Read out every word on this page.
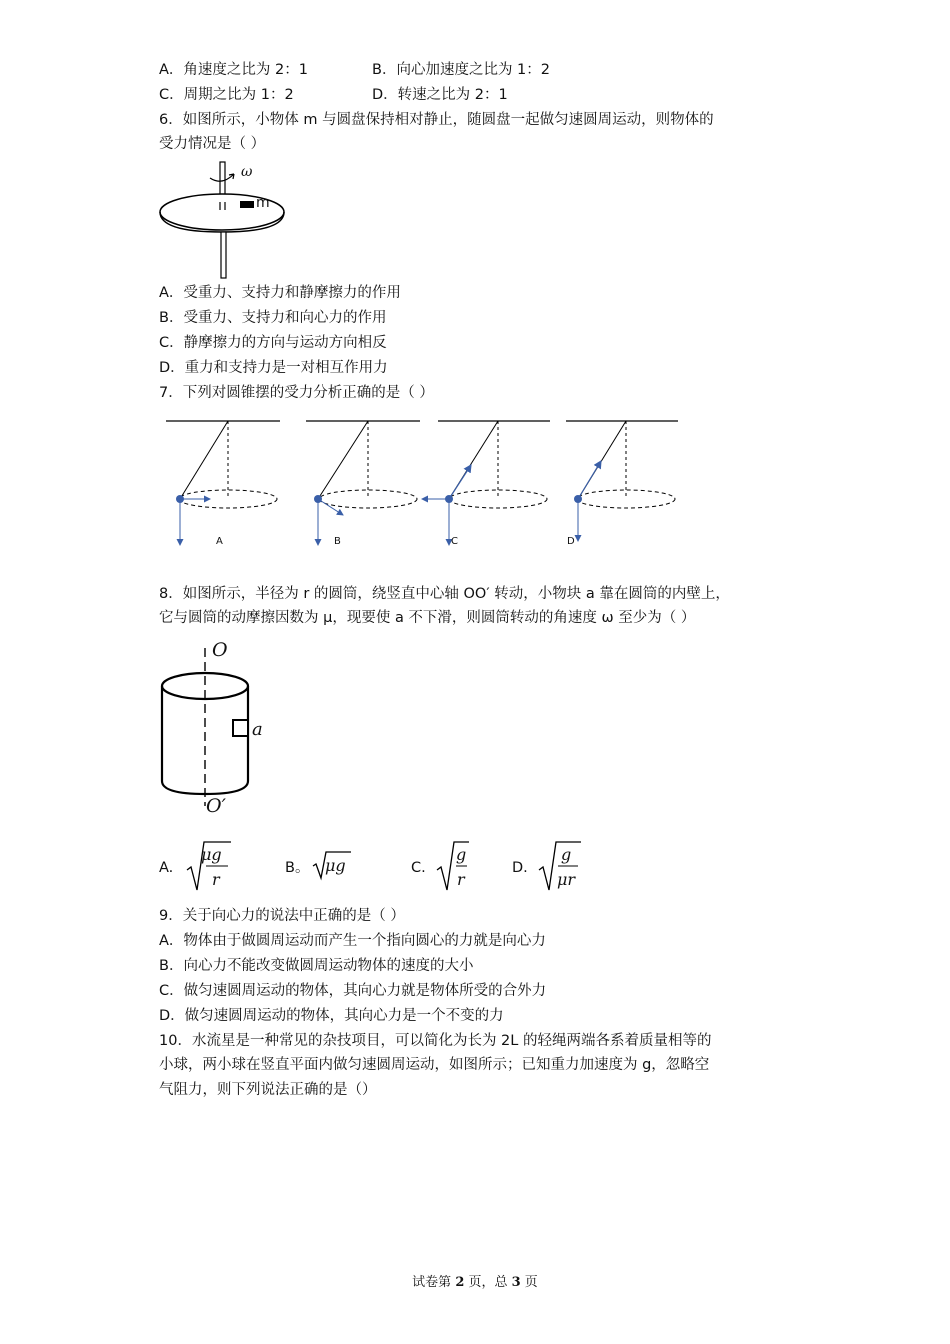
A．角速度之比为 2：1	B．向心加速度之比为 1：2
C．周期之比为 1：2	D．转速之比为 2：1
6．如图所示，小物体 m 与圆盘保持相对静止，随圆盘一起做匀速圆周运动，则物体的
受力情况是（ ）
ω
m
A．受重力、支持力和静摩擦力的作用
B．受重力、支持力和向心力的作用
C．静摩擦力的方向与运动方向相反
D．重力和支持力是一对相互作用力
7．下列对圆锥摆的受力分析正确的是（ ）
A	B	C	D
8．如图所示，半径为 r 的圆筒，绕竖直中心轴 OO′ 转动，小物块 a 靠在圆筒的内壁上，
它与圆筒的动摩擦因数为 μ，现要使 a 不下滑，则圆筒转动的角速度 ω 至少为（ ）
O
O′
a
A.
μg
r
B。 μg	C.
g
r
D.
g
μr
9．关于向心力的说法中正确的是（ ）
A．物体由于做圆周运动而产生一个指向圆心的力就是向心力
B．向心力不能改变做圆周运动物体的速度的大小
C．做匀速圆周运动的物体，其向心力就是物体所受的合外力
D．做匀速圆周运动的物体，其向心力是一个不变的力
10．水流星是一种常见的杂技项目，可以简化为长为 2L 的轻绳两端各系着质量相等的
小球，两小球在竖直平面内做匀速圆周运动，如图所示；已知重力加速度为 g，忽略空
气阻力，则下列说法正确的是（）
试卷第 2 页，总 3 页
